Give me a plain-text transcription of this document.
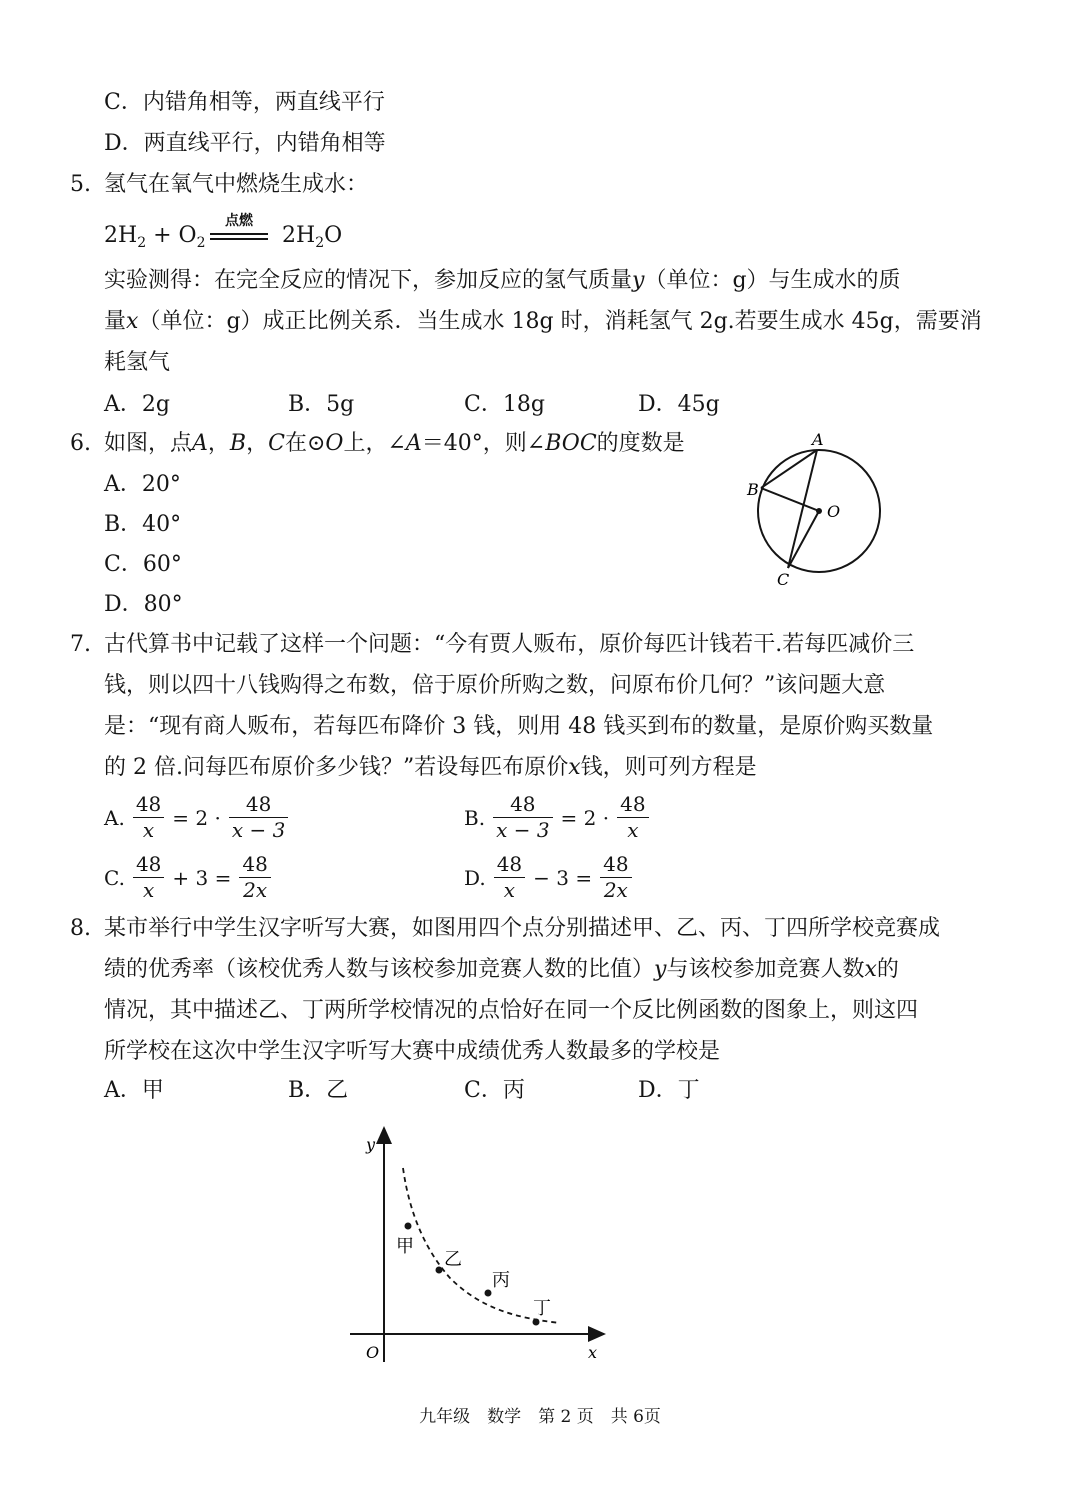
C．内错角相等，两直线平行
D．两直线平行，内错角相等
5. 氢气在氧气中燃烧生成水：
$2H_2 + O_2$
点燃
$2H_2O$
实验测得：在完全反应的情况下，参加反应的氢气质量y（单位：g）与生成水的质
量x（单位：g）成正比例关系．当生成水 18g 时，消耗氢气 2g.若要生成水 45g，需要消
耗氢气
A．2g	B．5g	C．18g	D．45g
6. 如图，点A，B，C在⊙O上，∠A＝40°，则∠BOC的度数是
A．20°
B．40°
C．60°
D．80°
A
B
O
C
7. 古代算书中记载了这样一个问题：“今有贾人贩布，原价每匹计钱若干.若每匹减价三
钱，则以四十八钱购得之布数，倍于原价所购之数，问原布价几何？”该问题大意
是：“现有商人贩布，若每匹布降价 3 钱，则用 48 钱买到布的数量，是原价购买数量
的 2 倍.问每匹布原价多少钱？”若设每匹布原价x钱，则可列方程是
A. $\frac{48}{x} = 2 \cdot \frac{48}{x - 3}$	B. $\frac{48}{x - 3} = 2 \cdot \frac{48}{x}$
C. $\frac{48}{x} + 3 = \frac{48}{2x}$	D. $\frac{48}{x} - 3 = \frac{48}{2x}$
8. 某市举行中学生汉字听写大赛，如图用四个点分别描述甲、乙、丙、丁四所学校竞赛成
绩的优秀率（该校优秀人数与该校参加竞赛人数的比值）y与该校参加竞赛人数x的
情况，其中描述乙、丁两所学校情况的点恰好在同一个反比例函数的图象上，则这四
所学校在这次中学生汉字听写大赛中成绩优秀人数最多的学校是
A．甲	B．乙	C．丙	D．丁
y
x
O
甲
乙
丙
丁
九年级　数学　第 2 页　共 6页
